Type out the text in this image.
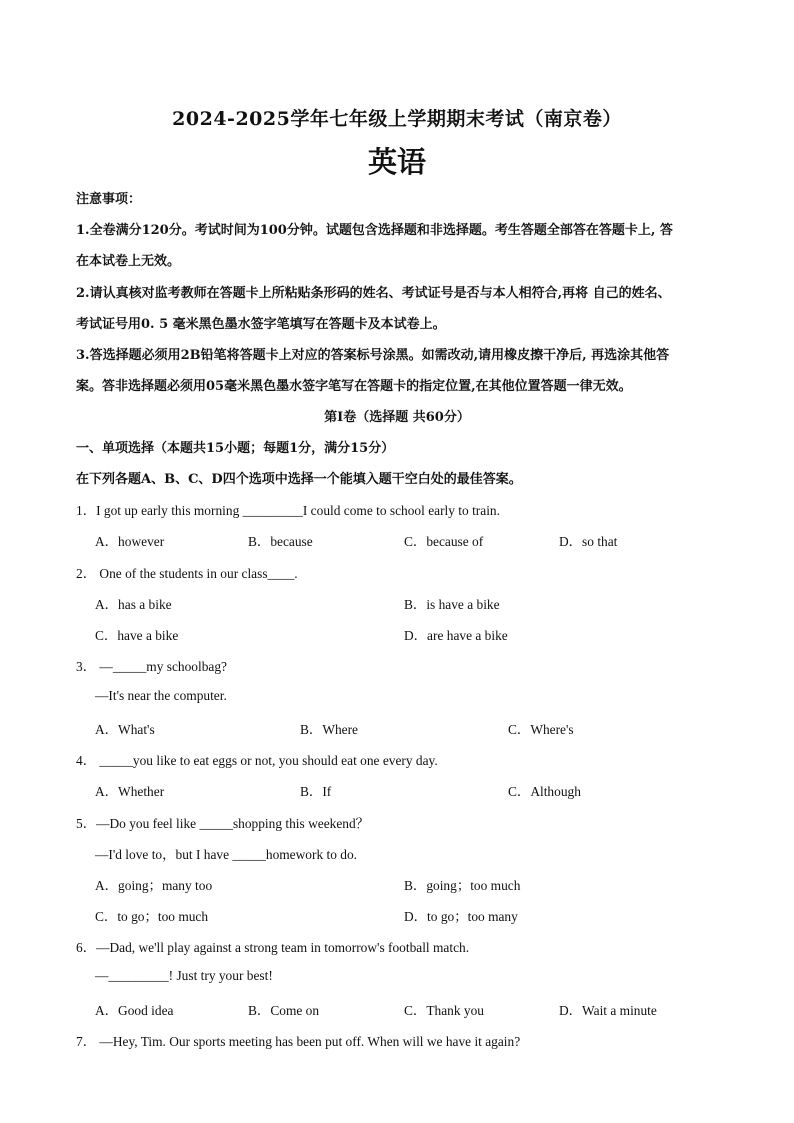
2024-2025学年七年级上学期期末考试（南京卷）
英语
注意事项：
1.全卷满分120分。考试时间为100分钟。试题包含选择题和非选择题。考生答题全部答在答题卡上, 答
在本试卷上无效。
2.请认真核对监考教师在答题卡上所粘贴条形码的姓名、考试证号是否与本人相符合,再将 自己的姓名、
考试证号用0. 5 毫米黑色墨水签字笔填写在答题卡及本试卷上。
3.答选择题必须用2B铅笔将答题卡上对应的答案标号涂黑。如需改动,请用橡皮擦干净后, 再选涂其他答
案。答非选择题必须用05毫米黑色墨水签字笔写在答题卡的指定位置,在其他位置答题一律无效。
第I卷（选择题 共60分）
一、单项选择（本题共15小题；每题1分，满分15分）
在下列各题A、B、C、D四个选项中选择一个能填入题干空白处的最佳答案。
1．I got up early this morning _________I could come to school early to train.
A．however	B．because	C．because of	D．so that
2． One of the students in our class____.
A．has a bike	B．is have a bike
C．have a bike	D．are have a bike
3． —_____my schoolbag?
—It's near the computer.
A．What's	B．Where	C．Where's
4． _____you like to eat eggs or not, you should eat one every day.
A．Whether	B．If	C．Although
5．—Do you feel like _____shopping this weekend？
—I'd love to，but I have _____homework to do.
A．going；many too	B．going；too much
C．to go；too much	D．to go；too many
6．—Dad, we'll play against a strong team in tomorrow's football match.
—_________! Just try your best!
A．Good idea	B．Come on	C．Thank you	D．Wait a minute
7． —Hey, Tim. Our sports meeting has been put off. When will we have it again?
